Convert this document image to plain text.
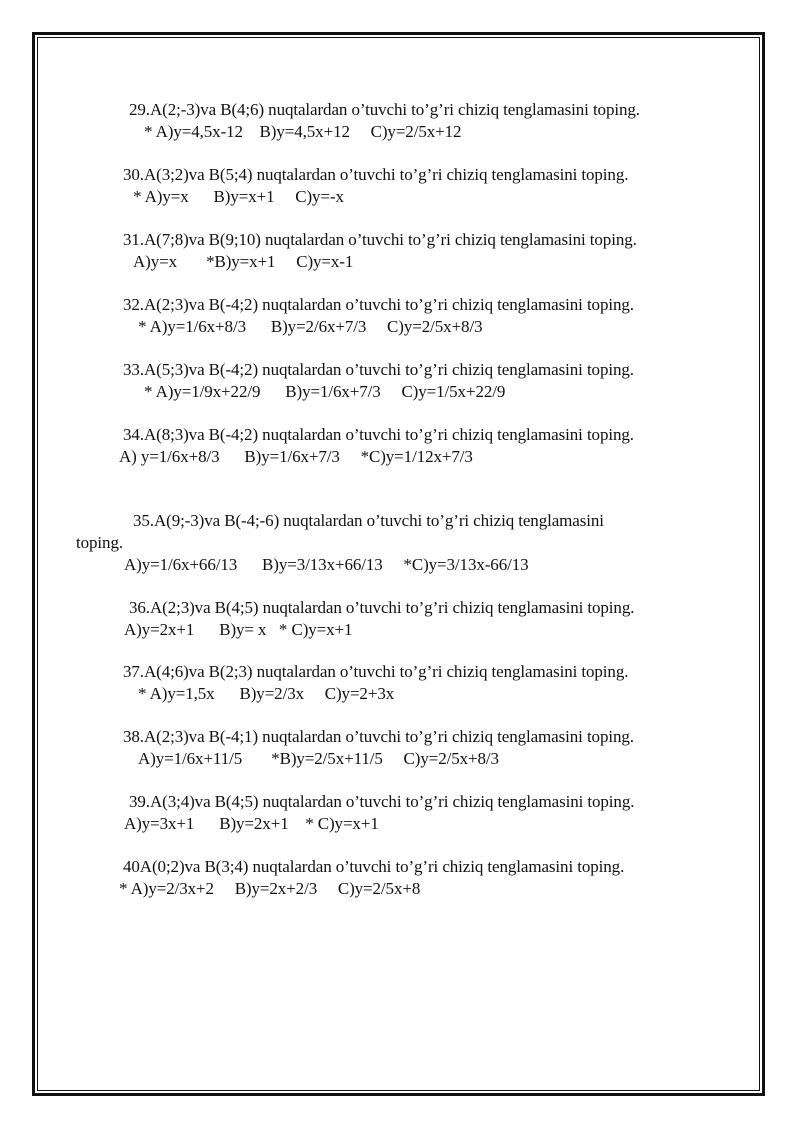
29.A(2;-3)va B(4;6) nuqtalardan o’tuvchi to’g’ri chiziq tenglamasini toping.
* A)y=4,5x-12    B)y=4,5x+12     C)y=2/5x+12
30.A(3;2)va B(5;4) nuqtalardan o’tuvchi to’g’ri chiziq tenglamasini toping.
* A)y=x      B)y=x+1     C)y=-x
31.A(7;8)va B(9;10) nuqtalardan o’tuvchi to’g’ri chiziq tenglamasini toping.
A)y=x       *B)y=x+1     C)y=x-1
32.A(2;3)va B(-4;2) nuqtalardan o’tuvchi to’g’ri chiziq tenglamasini toping.
* A)y=1/6x+8/3      B)y=2/6x+7/3     C)y=2/5x+8/3
33.A(5;3)va B(-4;2) nuqtalardan o’tuvchi to’g’ri chiziq tenglamasini toping.
* A)y=1/9x+22/9      B)y=1/6x+7/3     C)y=1/5x+22/9
34.A(8;3)va B(-4;2) nuqtalardan o’tuvchi to’g’ri chiziq tenglamasini toping.
A) y=1/6x+8/3      B)y=1/6x+7/3     *C)y=1/12x+7/3
35.A(9;-3)va B(-4;-6) nuqtalardan o’tuvchi to’g’ri chiziq tenglamasini
toping.
A)y=1/6x+66/13      B)y=3/13x+66/13     *C)y=3/13x-66/13
36.A(2;3)va B(4;5) nuqtalardan o’tuvchi to’g’ri chiziq tenglamasini toping.
A)y=2x+1      B)y= x   * C)y=x+1
37.A(4;6)va B(2;3) nuqtalardan o’tuvchi to’g’ri chiziq tenglamasini toping.
* A)y=1,5x      B)y=2/3x     C)y=2+3x
38.A(2;3)va B(-4;1) nuqtalardan o’tuvchi to’g’ri chiziq tenglamasini toping.
A)y=1/6x+11/5       *B)y=2/5x+11/5     C)y=2/5x+8/3
39.A(3;4)va B(4;5) nuqtalardan o’tuvchi to’g’ri chiziq tenglamasini toping.
A)y=3x+1      B)y=2x+1    * C)y=x+1
40A(0;2)va B(3;4) nuqtalardan o’tuvchi to’g’ri chiziq tenglamasini toping.
* A)y=2/3x+2     B)y=2x+2/3     C)y=2/5x+8
